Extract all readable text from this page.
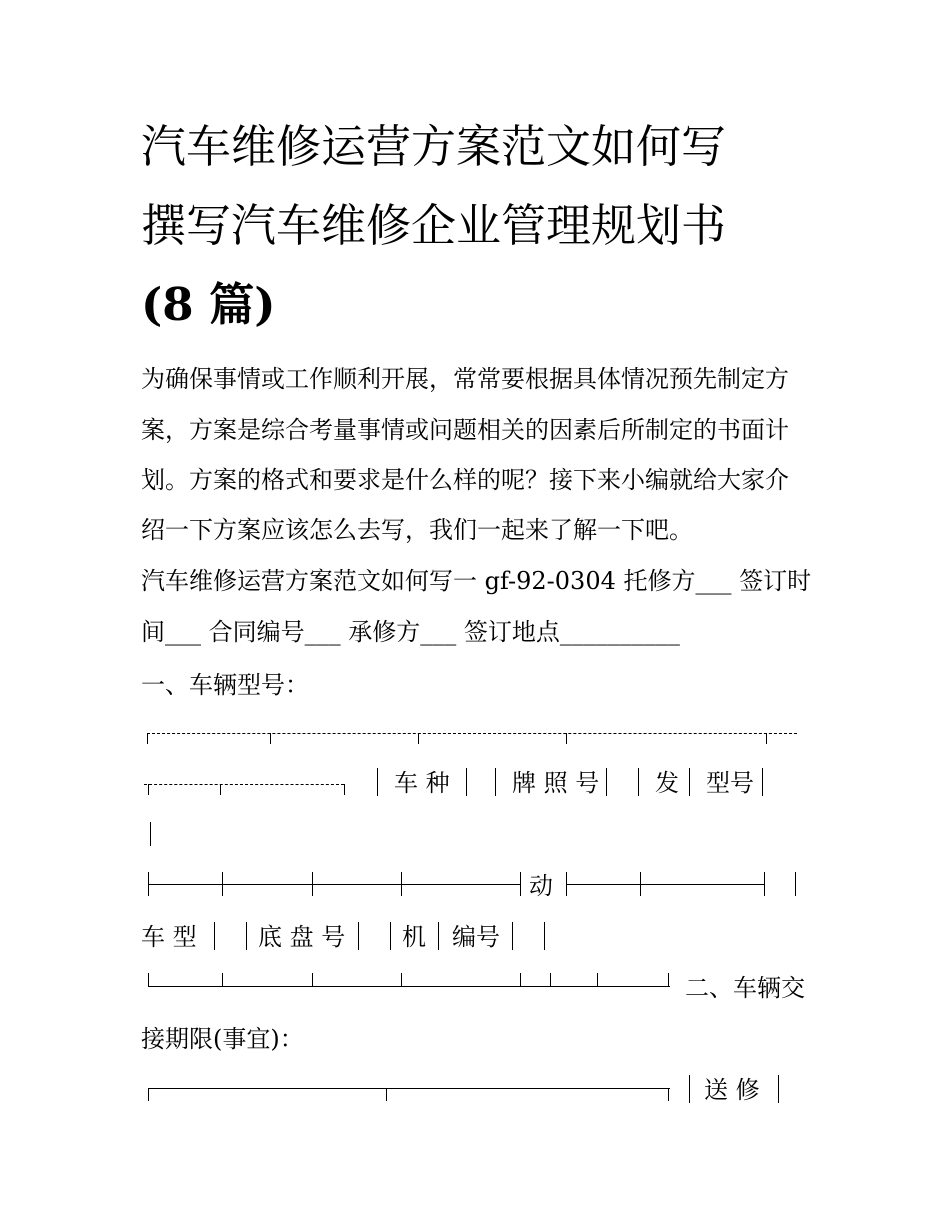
汽车维修运营方案范文如何写
撰写汽车维修企业管理规划书
(8 篇)
为确保事情或工作顺利开展，常常要根据具体情况预先制定方
案，方案是综合考量事情或问题相关的因素后所制定的书面计
划。方案的格式和要求是什么样的呢？接下来小编就给大家介
绍一下方案应该怎么去写，我们一起来了解一下吧。
汽车维修运营方案范文如何写一 gf-92-0304 托修方___ 签订时
间___ 合同编号___ 承修方___ 签订地点__________
一、车辆型号：
车 种	牌 照 号 发 型号
动
车 型	底 盘 号 机 编号
二、车辆交
接期限(事宜)：
送 修
